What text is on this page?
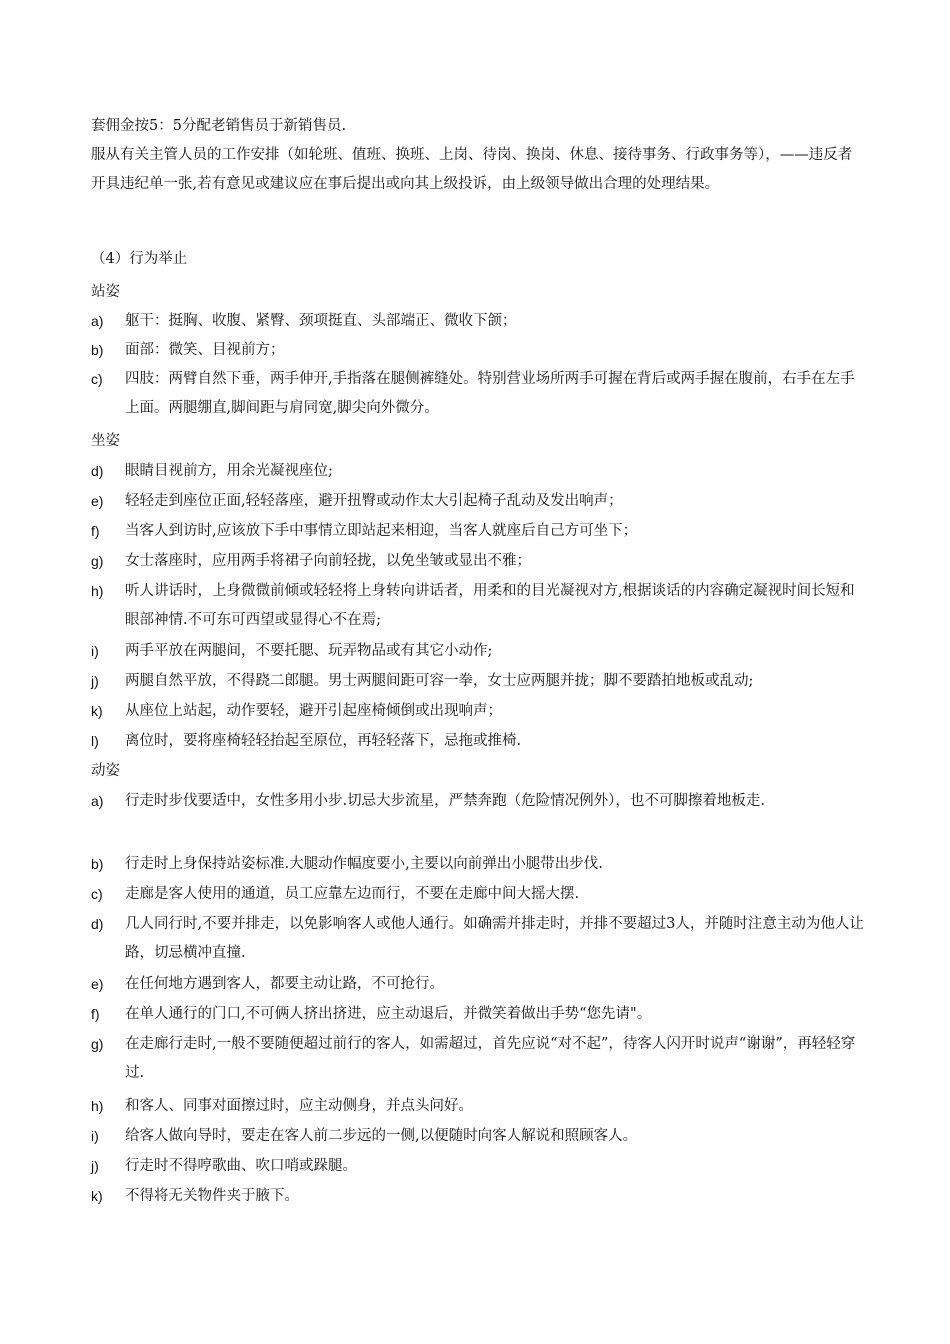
套佣金按5：5分配老销售员于新销售员.
服从有关主管人员的工作安排（如轮班、值班、换班、上岗、待岗、换岗、休息、接待事务、行政事务等），——违反者开具违纪单一张,若有意见或建议应在事后提出或向其上级投诉，由上级领导做出合理的处理结果。
（4）行为举止
站姿
a)	躯干：挺胸、收腹、紧臀、颈项挺直、头部端正、微收下颌；
b)	面部：微笑、目视前方；
c)	四肢：两臂自然下垂，两手伸开,手指落在腿侧裤缝处。特别营业场所两手可握在背后或两手握在腹前，右手在左手上面。两腿绷直,脚间距与肩同宽,脚尖向外微分。
坐姿
d)	眼睛目视前方，用余光凝视座位;
e)	轻轻走到座位正面,轻轻落座，避开扭臀或动作太大引起椅子乱动及发出响声；
f)	当客人到访时,应该放下手中事情立即站起来相迎，当客人就座后自己方可坐下；
g)	女士落座时，应用两手将裙子向前轻拢，以免坐皱或显出不雅；
h)	听人讲话时，上身微微前倾或轻轻将上身转向讲话者，用柔和的目光凝视对方,根据谈话的内容确定凝视时间长短和眼部神情.不可东可西望或显得心不在焉;
i)	两手平放在两腿间，不要托腮、玩弄物品或有其它小动作;
j)	两腿自然平放，不得跷二郎腿。男士两腿间距可容一拳，女士应两腿并拢；脚不要踏拍地板或乱动;
k)	从座位上站起，动作要轻，避开引起座椅倾倒或出现响声；
l)	离位时，要将座椅轻轻抬起至原位，再轻轻落下，忌拖或推椅.
动姿
a)	行走时步伐要适中，女性多用小步.切忌大步流星，严禁奔跑（危险情况例外），也不可脚擦着地板走.
b)	行走时上身保持站姿标准.大腿动作幅度要小,主要以向前弹出小腿带出步伐.
c)	走廊是客人使用的通道，员工应靠左边而行，不要在走廊中间大摇大摆.
d)	几人同行时,不要并排走，以免影响客人或他人通行。如确需并排走时，并排不要超过3人，并随时注意主动为他人让路，切忌横冲直撞.
e)	在任何地方遇到客人，都要主动让路，不可抢行。
f)	在单人通行的门口,不可俩人挤出挤进，应主动退后，并微笑着做出手势“您先请"。
g)	在走廊行走时,一般不要随便超过前行的客人，如需超过，首先应说“对不起”，待客人闪开时说声“谢谢”，再轻轻穿过.
h)	和客人、同事对面擦过时，应主动侧身，并点头问好。
i)	给客人做向导时，要走在客人前二步远的一侧,以便随时向客人解说和照顾客人。
j)	行走时不得哼歌曲、吹口哨或跺腿。
k)	不得将无关物件夹于腋下。
